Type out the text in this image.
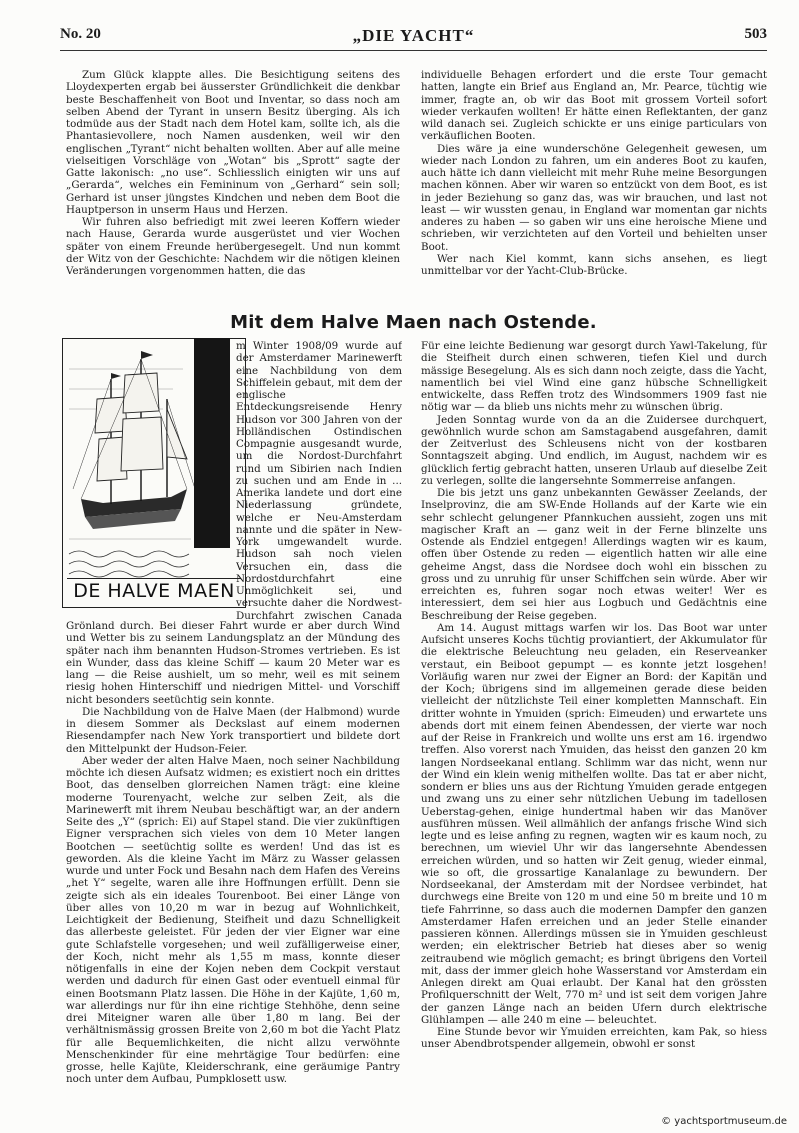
No. 20	„DIE YACHT“	503

Zum Glück klappte alles. Die Besichtigung seitens des Lloydexperten ergab bei äusserster Gründlichkeit die denkbar beste Beschaffenheit von Boot und Inventar, so dass noch am selben Abend der Tyrant in unsern Besitz überging. Als ich todmüde aus der Stadt nach dem Hotel kam, sollte ich, als die Phantasievollere, noch Namen ausdenken, weil wir den englischen „Tyrant“ nicht behalten wollten. Aber auf alle meine vielseitigen Vorschläge von „Wotan“ bis „Sprott“ sagte der Gatte lakonisch: „no use“. Schliesslich einigten wir uns auf „Gerarda“, welches ein Femininum von „Gerhard“ sein soll; Gerhard ist unser jüngstes Kindchen und neben dem Boot die Hauptperson in unserm Haus und Herzen.

Wir fuhren also befriedigt mit zwei leeren Koffern wieder nach Hause, Gerarda wurde ausgerüstet und vier Wochen später von einem Freunde herübergesegelt. Und nun kommt der Witz von der Geschichte: Nachdem wir die nötigen kleinen Veränderungen vorgenommen hatten, die das

individuelle Behagen erfordert und die erste Tour gemacht hatten, langte ein Brief aus England an, Mr. Pearce, tüchtig wie immer, fragte an, ob wir das Boot mit grossem Vorteil sofort wieder verkaufen wollten! Er hätte einen Reflektanten, der ganz wild danach sei. Zugleich schickte er uns einige particulars von verkäuflichen Booten.

Dies wäre ja eine wunderschöne Gelegenheit gewesen, um wieder nach London zu fahren, um ein anderes Boot zu kaufen, auch hätte ich dann vielleicht mit mehr Ruhe meine Besorgungen machen können. Aber wir waren so entzückt von dem Boot, es ist in jeder Beziehung so ganz das, was wir brauchen, und last not least — wir wussten genau, in England war momentan gar nichts anderes zu haben — so gaben wir uns eine heroische Miene und schrieben, wir verzichteten auf den Vorteil und behielten unser Boot.

Wer nach Kiel kommt, kann sichs ansehen, es liegt unmittelbar vor der Yacht-Club-Brücke.

Mit dem Halve Maen nach Ostende.
DE HALVE MAEN

m Winter 1908/09 wurde auf der Amsterdamer Marinewerft eine Nachbildung von dem Schiffelein gebaut, mit dem der englische Entdeckungsreisende Henry Hudson vor 300 Jahren von der Holländischen Ostindischen Compagnie ausgesandt wurde, um die Nordost-Durchfahrt rund um Sibirien nach Indien zu suchen und am Ende in ... Amerika landete und dort eine Niederlassung gründete, welche er Neu-Amsterdam nannte und die später in New-York umgewandelt wurde. Hudson sah noch vielen Versuchen ein, dass die Nordostdurchfahrt eine Unmöglichkeit sei, und versuchte daher die Nordwest-Durchfahrt zwischen Canada

Grönland durch. Bei dieser Fahrt wurde er aber durch Wind und Wetter bis zu seinem Landungsplatz an der Mündung des später nach ihm benannten Hudson-Stromes vertrieben. Es ist ein Wunder, dass das kleine Schiff — kaum 20 Meter war es lang — die Reise aushielt, um so mehr, weil es mit seinem riesig hohen Hinterschiff und niedrigen Mittel- und Vorschiff nicht besonders seetüchtig sein konnte.

Die Nachbildung von de Halve Maen (der Halbmond) wurde in diesem Sommer als Deckslast auf einem modernen Riesendampfer nach New York transportiert und bildete dort den Mittelpunkt der Hudson-Feier.

Aber weder der alten Halve Maen, noch seiner Nachbildung möchte ich diesen Aufsatz widmen; es existiert noch ein drittes Boot, das denselben glorreichen Namen trägt: eine kleine moderne Tourenyacht, welche zur selben Zeit, als die Marinewerft mit ihrem Neubau beschäftigt war, an der andern Seite des „Y“ (sprich: Ei) auf Stapel stand. Die vier zukünftigen Eigner versprachen sich vieles von dem 10 Meter langen Bootchen — seetüchtig sollte es werden! Und das ist es geworden. Als die kleine Yacht im März zu Wasser gelassen wurde und unter Fock und Besahn nach dem Hafen des Vereins „het Y“ segelte, waren alle ihre Hoffnungen erfüllt. Denn sie zeigte sich als ein ideales Tourenboot. Bei einer Länge von über alles von 10,20 m war in bezug auf Wohnlichkeit, Leichtigkeit der Bedienung, Steifheit und dazu Schnelligkeit das allerbeste geleistet. Für jeden der vier Eigner war eine gute Schlafstelle vorgesehen; und weil zufälligerweise einer, der Koch, nicht mehr als 1,55 m mass, konnte dieser nötigenfalls in eine der Kojen neben dem Cockpit verstaut werden und dadurch für einen Gast oder eventuell einmal für einen Bootsmann Platz lassen. Die Höhe in der Kajüte, 1,60 m, war allerdings nur für ihn eine richtige Stehhöhe, denn seine drei Miteigner waren alle über 1,80 m lang. Bei der verhältnismässig grossen Breite von 2,60 m bot die Yacht Platz für alle Bequemlichkeiten, die nicht allzu verwöhnte Menschenkinder für eine mehrtägige Tour bedürfen: eine grosse, helle Kajüte, Kleiderschrank, eine geräumige Pantry noch unter dem Aufbau, Pumpklosett usw.

Für eine leichte Bedienung war gesorgt durch Yawl-Takelung, für die Steifheit durch einen schweren, tiefen Kiel und durch mässige Besegelung. Als es sich dann noch zeigte, dass die Yacht, namentlich bei viel Wind eine ganz hübsche Schnelligkeit entwickelte, dass Reffen trotz des Windsommers 1909 fast nie nötig war — da blieb uns nichts mehr zu wünschen übrig.

Jeden Sonntag wurde von da an die Zuidersee durchquert, gewöhnlich wurde schon am Samstagabend ausgefahren, damit der Zeitverlust des Schleusens nicht von der kostbaren Sonntagszeit abging. Und endlich, im August, nachdem wir es glücklich fertig gebracht hatten, unseren Urlaub auf dieselbe Zeit zu verlegen, sollte die langersehnte Sommerreise anfangen.

Die bis jetzt uns ganz unbekannten Gewässer Zeelands, der Inselprovinz, die am SW-Ende Hollands auf der Karte wie ein sehr schlecht gelungener Pfannkuchen aussieht, zogen uns mit magischer Kraft an — ganz weit in der Ferne blinzelte uns Ostende als Endziel entgegen! Allerdings wagten wir es kaum, offen über Ostende zu reden — eigentlich hatten wir alle eine geheime Angst, dass die Nordsee doch wohl ein bisschen zu gross und zu unruhig für unser Schiffchen sein würde. Aber wir erreichten es, fuhren sogar noch etwas weiter! Wer es interessiert, dem sei hier aus Logbuch und Gedächtnis eine Beschreibung der Reise gegeben.

Am 14. August mittags warfen wir los. Das Boot war unter Aufsicht unseres Kochs tüchtig proviantiert, der Akkumulator für die elektrische Beleuchtung neu geladen, ein Reserveanker verstaut, ein Beiboot gepumpt — es konnte jetzt losgehen! Vorläufig waren nur zwei der Eigner an Bord: der Kapitän und der Koch; übrigens sind im allgemeinen gerade diese beiden vielleicht der nützlichste Teil einer kompletten Mannschaft. Ein dritter wohnte in Ymuiden (sprich: Eimeuden) und erwartete uns abends dort mit einem feinen Abendessen, der vierte war noch auf der Reise in Frankreich und wollte uns erst am 16. irgendwo treffen. Also vorerst nach Ymuiden, das heisst den ganzen 20 km langen Nordseekanal entlang. Schlimm war das nicht, wenn nur der Wind ein klein wenig mithelfen wollte. Das tat er aber nicht, sondern er blies uns aus der Richtung Ymuiden gerade entgegen und zwang uns zu einer sehr nützlichen Uebung im tadellosen Ueberstag-gehen, einige hundertmal haben wir das Manöver ausführen müssen. Weil allmählich der anfangs frische Wind sich legte und es leise anfing zu regnen, wagten wir es kaum noch, zu berechnen, um wieviel Uhr wir das langersehnte Abendessen erreichen würden, und so hatten wir Zeit genug, wieder einmal, wie so oft, die grossartige Kanalanlage zu bewundern. Der Nordseekanal, der Amsterdam mit der Nordsee verbindet, hat durchwegs eine Breite von 120 m und eine 50 m breite und 10 m tiefe Fahrrinne, so dass auch die modernen Dampfer den ganzen Amsterdamer Hafen erreichen und an jeder Stelle einander passieren können. Allerdings müssen sie in Ymuiden geschleust werden; ein elektrischer Betrieb hat dieses aber so wenig zeitraubend wie möglich gemacht; es bringt übrigens den Vorteil mit, dass der immer gleich hohe Wasserstand vor Amsterdam ein Anlegen direkt am Quai erlaubt. Der Kanal hat den grössten Profilquerschnitt der Welt, 770 m² und ist seit dem vorigen Jahre der ganzen Länge nach an beiden Ufern durch elektrische Glühlampen — alle 240 m eine — beleuchtet.

Eine Stunde bevor wir Ymuiden erreichten, kam Pak, so hiess unser Abendbrotspender allgemein, obwohl er sonst

© yachtsportmuseum.de
